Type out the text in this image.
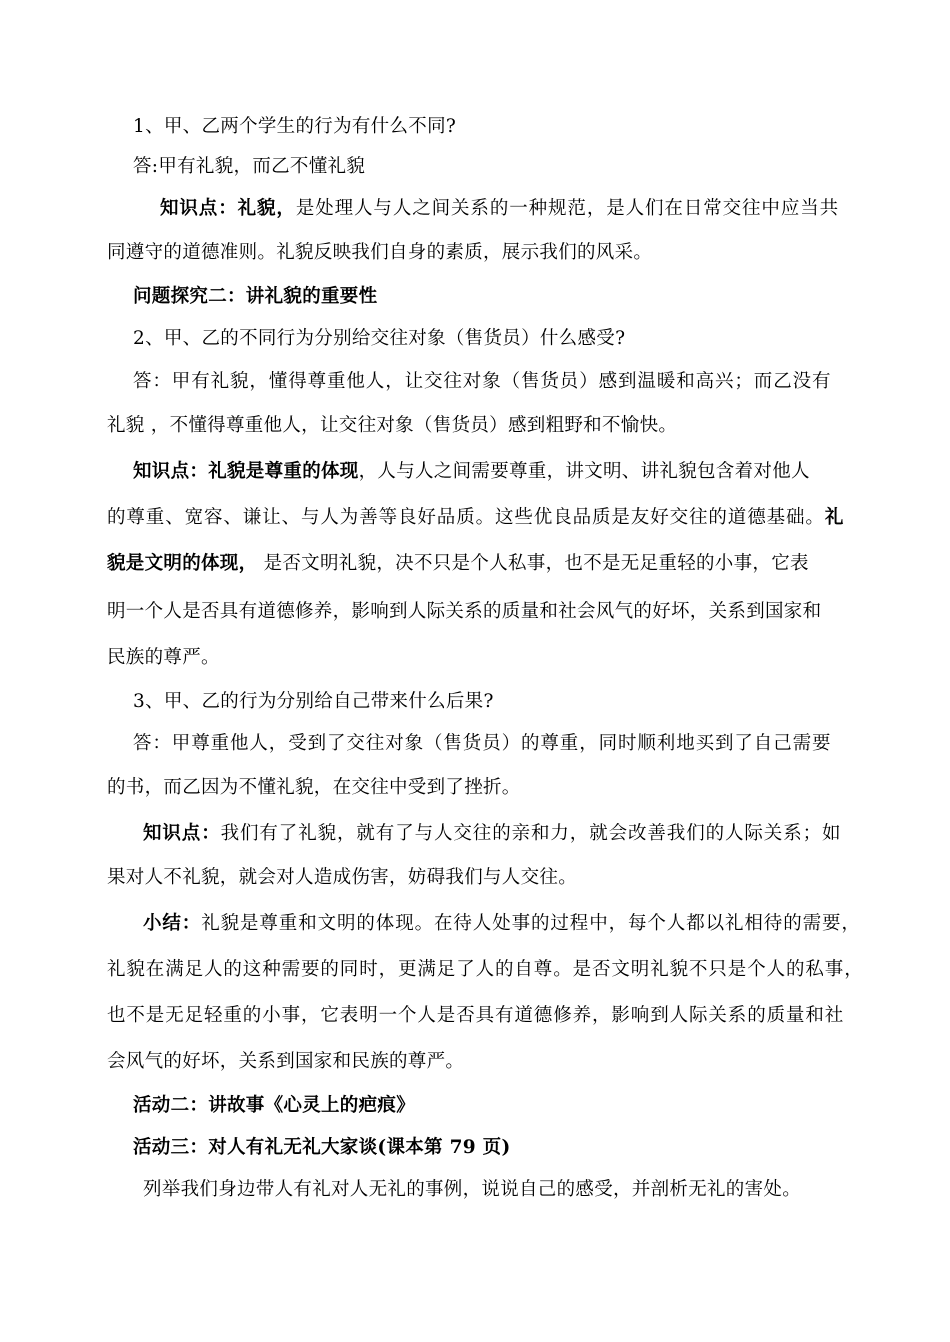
1、甲、乙两个学生的行为有什么不同?
答:甲有礼貌，而乙不懂礼貌
知识点：礼貌，是处理人与人之间关系的一种规范，是人们在日常交往中应当共
同遵守的道德准则。礼貌反映我们自身的素质，展示我们的风采。
问题探究二：讲礼貌的重要性
2、甲、乙的不同行为分别给交往对象（售货员）什么感受?
答：甲有礼貌，懂得尊重他人，让交往对象（售货员）感到温暖和高兴；而乙没有
礼貌 ，不懂得尊重他人，让交往对象（售货员）感到粗野和不愉快。
知识点：礼貌是尊重的体现，人与人之间需要尊重，讲文明、讲礼貌包含着对他人
的尊重、宽容、谦让、与人为善等良好品质。这些优良品质是友好交往的道德基础。礼
貌是文明的体现， 是否文明礼貌，决不只是个人私事，也不是无足重轻的小事，它表
明一个人是否具有道德修养，影响到人际关系的质量和社会风气的好坏，关系到国家和
民族的尊严。
3、甲、乙的行为分别给自己带来什么后果?
答：甲尊重他人，受到了交往对象（售货员）的尊重，同时顺利地买到了自己需要
的书，而乙因为不懂礼貌，在交往中受到了挫折。
知识点：我们有了礼貌，就有了与人交往的亲和力，就会改善我们的人际关系；如
果对人不礼貌，就会对人造成伤害，妨碍我们与人交往。
小结：礼貌是尊重和文明的体现。在待人处事的过程中，每个人都以礼相待的需要，
礼貌在满足人的这种需要的同时，更满足了人的自尊。是否文明礼貌不只是个人的私事，
也不是无足轻重的小事，它表明一个人是否具有道德修养，影响到人际关系的质量和社
会风气的好坏，关系到国家和民族的尊严。
活动二：讲故事《心灵上的疤痕》
活动三：对人有礼无礼大家谈(课本第 79 页)
列举我们身边带人有礼对人无礼的事例，说说自己的感受，并剖析无礼的害处。
